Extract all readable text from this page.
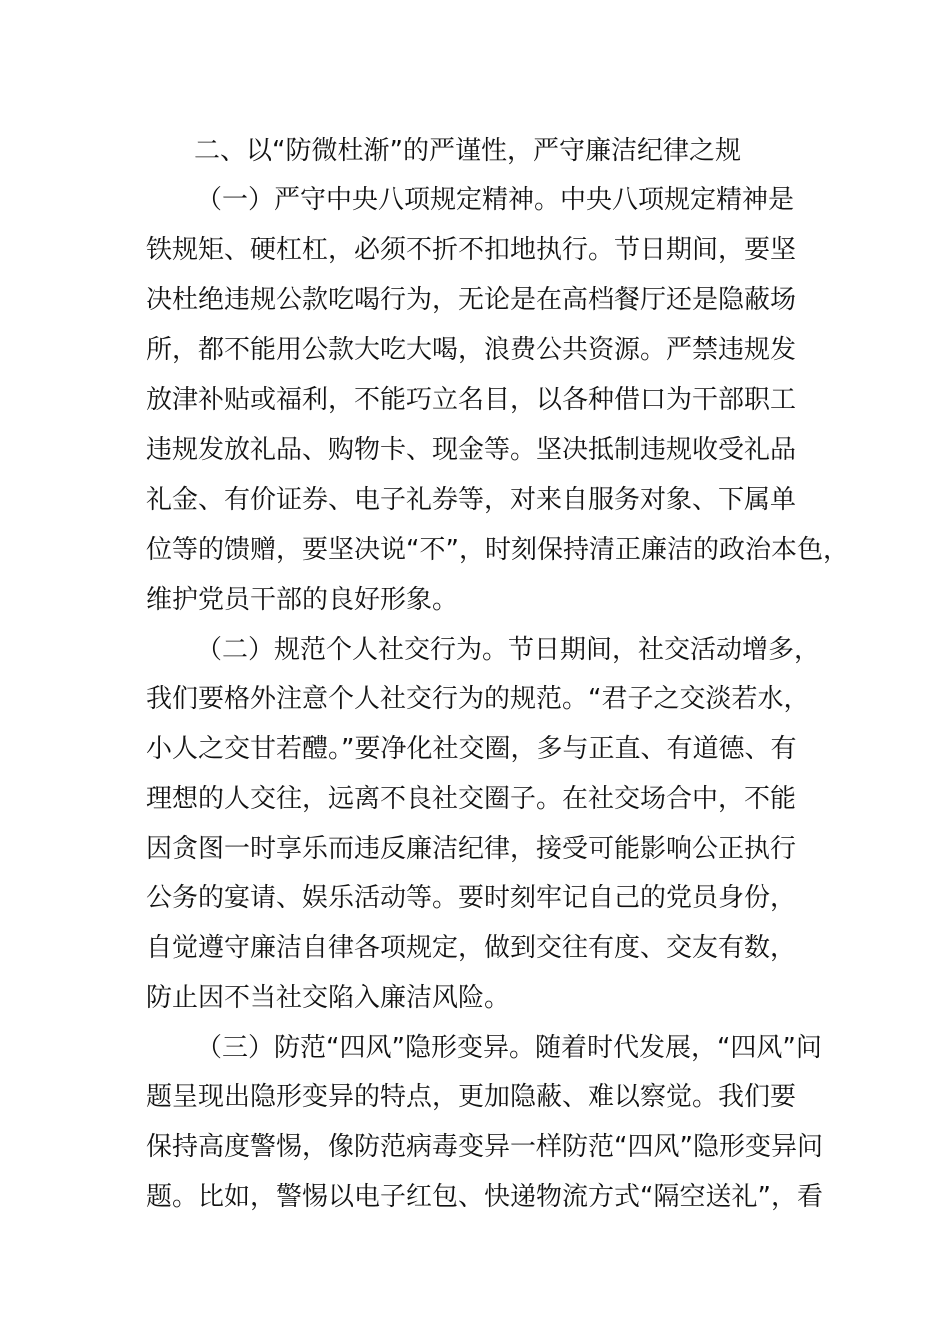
二、以“防微杜渐”的严谨性，严守廉洁纪律之规
（一）严守中央八项规定精神。中央八项规定精神是
铁规矩、硬杠杠，必须不折不扣地执行。节日期间，要坚
决杜绝违规公款吃喝行为，无论是在高档餐厅还是隐蔽场
所，都不能用公款大吃大喝，浪费公共资源。严禁违规发
放津补贴或福利，不能巧立名目，以各种借口为干部职工
违规发放礼品、购物卡、现金等。坚决抵制违规收受礼品
礼金、有价证券、电子礼券等，对来自服务对象、下属单
位等的馈赠，要坚决说“不”，时刻保持清正廉洁的政治本色，
维护党员干部的良好形象。
（二）规范个人社交行为。节日期间，社交活动增多，
我们要格外注意个人社交行为的规范。“君子之交淡若水，
小人之交甘若醴。”要净化社交圈，多与正直、有道德、有
理想的人交往，远离不良社交圈子。在社交场合中，不能
因贪图一时享乐而违反廉洁纪律，接受可能影响公正执行
公务的宴请、娱乐活动等。要时刻牢记自己的党员身份，
自觉遵守廉洁自律各项规定，做到交往有度、交友有数，
防止因不当社交陷入廉洁风险。
（三）防范“四风”隐形变异。随着时代发展，“四风”问
题呈现出隐形变异的特点，更加隐蔽、难以察觉。我们要
保持高度警惕，像防范病毒变异一样防范“四风”隐形变异问
题。比如，警惕以电子红包、快递物流方式“隔空送礼”，看
